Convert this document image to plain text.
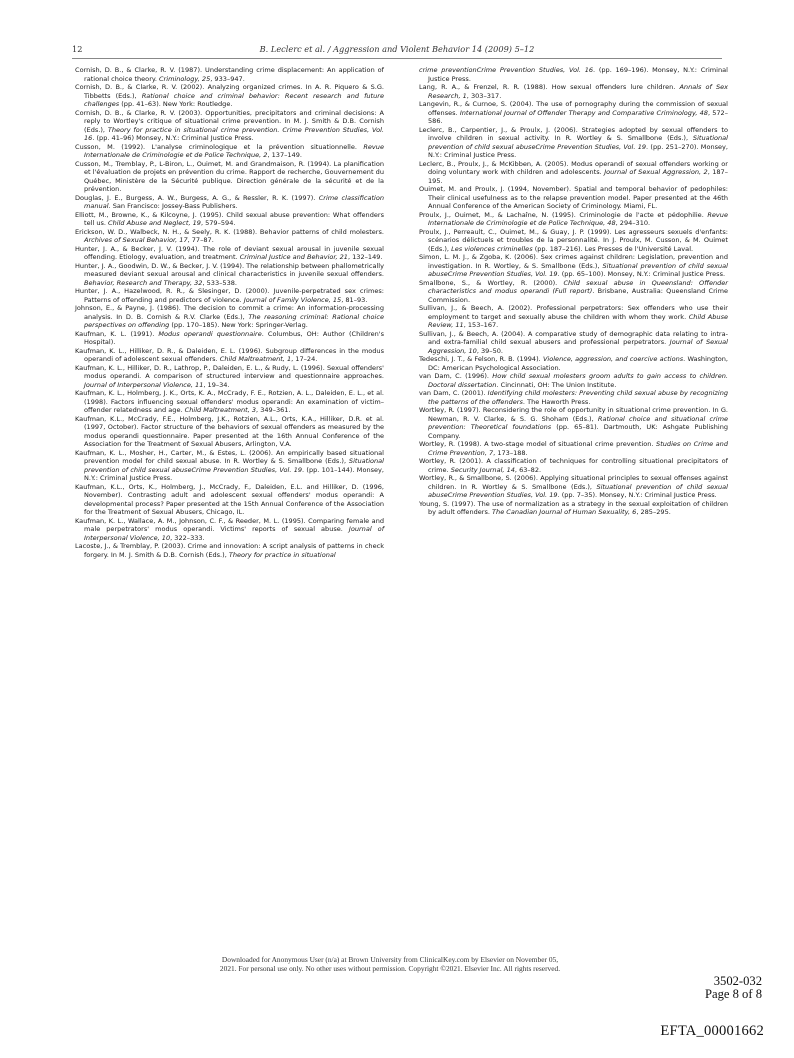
12	B. Leclerc et al. / Aggression and Violent Behavior 14 (2009) 5–12

Cornish, D. B., & Clarke, R. V. (1987). Understanding crime displacement: An application of rational choice theory. Criminology, 25, 933–947.

Cornish, D. B., & Clarke, R. V. (2002). Analyzing organized crimes. In A. R. Piquero & S.G. Tibbetts (Eds.), Rational choice and criminal behavior: Recent research and future challenges (pp. 41–63). New York: Routledge.

Cornish, D. B., & Clarke, R. V. (2003). Opportunities, precipitators and criminal decisions: A reply to Wortley's critique of situational crime prevention. In M. J. Smith & D.B. Cornish (Eds.), Theory for practice in situational crime prevention. Crime Prevention Studies, Vol. 16. (pp. 41–96) Monsey, N.Y.: Criminal Justice Press.

Cusson, M. (1992). L'analyse criminologique et la prévention situationnelle. Revue Internationale de Criminologie et de Police Technique, 2, 137–149.

Cusson, M., Tremblay, P., L-Biron, L., Ouimet, M. and Grandmaison, R. (1994). La planification et l'évaluation de projets en prévention du crime. Rapport de recherche, Gouvernement du Québec, Ministère de la Sécurité publique. Direction générale de la sécurité et de la prévention.

Douglas, J. E., Burgess, A. W., Burgess, A. G., & Ressler, R. K. (1997). Crime classification manual. San Francisco: Jossey-Bass Publishers.

Elliott, M., Browne, K., & Kilcoyne, J. (1995). Child sexual abuse prevention: What offenders tell us. Child Abuse and Neglect, 19, 579–594.

Erickson, W. D., Walbeck, N. H., & Seely, R. K. (1988). Behavior patterns of child molesters. Archives of Sexual Behavior, 17, 77–87.

Hunter, J. A., & Becker, J. V. (1994). The role of deviant sexual arousal in juvenile sexual offending. Etiology, evaluation, and treatment. Criminal Justice and Behavior, 21, 132–149.

Hunter, J. A., Goodwin, D. W., & Becker, J. V. (1994). The relationship between phallometrically measured deviant sexual arousal and clinical characteristics in juvenile sexual offenders. Behavior, Research and Therapy, 32, 533–538.

Hunter, J. A., Hazelwood, R. R., & Slesinger, D. (2000). Juvenile-perpetrated sex crimes: Patterns of offending and predictors of violence. Journal of Family Violence, 15, 81–93.

Johnson, E., & Payne, J. (1986). The decision to commit a crime: An information-processing analysis. In D. B. Cornish & R.V. Clarke (Eds.), The reasoning criminal: Rational choice perspectives on offending (pp. 170–185). New York: Springer-Verlag.

Kaufman, K. L. (1991). Modus operandi questionnaire. Columbus, OH: Author (Children's Hospital).

Kaufman, K. L., Hilliker, D. R., & Daleiden, E. L. (1996). Subgroup differences in the modus operandi of adolescent sexual offenders. Child Maltreatment, 1, 17–24.

Kaufman, K. L., Hilliker, D. R., Lathrop, P., Daleiden, E. L., & Rudy, L. (1996). Sexual offenders' modus operandi. A comparison of structured interview and questionnaire approaches. Journal of Interpersonal Violence, 11, 19–34.

Kaufman, K. L., Holmberg, J. K., Orts, K. A., McCrady, F. E., Rotzien, A. L., Daleiden, E. L., et al. (1998). Factors influencing sexual offenders' modus operandi: An examination of victim–offender relatedness and age. Child Maltreatment, 3, 349–361.

Kaufman, K.L., McCrady, F.E., Holmberg, J.K., Rotzien, A.L., Orts, K.A., Hilliker, D.R. et al. (1997, October). Factor structure of the behaviors of sexual offenders as measured by the modus operandi questionnaire. Paper presented at the 16th Annual Conference of the Association for the Treatment of Sexual Abusers, Arlington, V.A.

Kaufman, K. L., Mosher, H., Carter, M., & Estes, L. (2006). An empirically based situational prevention model for child sexual abuse. In R. Wortley & S. Smallbone (Eds.), Situational prevention of child sexual abuseCrime Prevention Studies, Vol. 19. (pp. 101–144). Monsey, N.Y.: Criminal Justice Press.

Kaufman, K.L., Orts, K., Holmberg, J., McCrady, F., Daleiden, E.L. and Hilliker, D. (1996, November). Contrasting adult and adolescent sexual offenders' modus operandi: A developmental process? Paper presented at the 15th Annual Conference of the Association for the Treatment of Sexual Abusers, Chicago, IL.

Kaufman, K. L., Wallace, A. M., Johnson, C. F., & Reeder, M. L. (1995). Comparing female and male perpetrators' modus operandi. Victims' reports of sexual abuse. Journal of Interpersonal Violence, 10, 322–333.

Lacoste, J., & Tremblay, P. (2003). Crime and innovation: A script analysis of patterns in check forgery. In M. J. Smith & D.B. Cornish (Eds.), Theory for practice in situational

crime preventionCrime Prevention Studies, Vol. 16. (pp. 169–196). Monsey, N.Y.: Criminal Justice Press.

Lang, R. A., & Frenzel, R. R. (1988). How sexual offenders lure children. Annals of Sex Research, 1, 303–317.

Langevin, R., & Curnoe, S. (2004). The use of pornography during the commission of sexual offenses. International Journal of Offender Therapy and Comparative Criminology, 48, 572–586.

Leclerc, B., Carpentier, J., & Proulx, J. (2006). Strategies adopted by sexual offenders to involve children in sexual activity. In R. Wortley & S. Smallbone (Eds.), Situational prevention of child sexual abuseCrime Prevention Studies, Vol. 19. (pp. 251–270). Monsey, N.Y.: Criminal Justice Press.

Leclerc, B., Proulx, J., & McKibben, A. (2005). Modus operandi of sexual offenders working or doing voluntary work with children and adolescents. Journal of Sexual Aggression, 2, 187–195.

Ouimet, M. and Proulx, J. (1994, November). Spatial and temporal behavior of pedophiles: Their clinical usefulness as to the relapse prevention model. Paper presented at the 46th Annual Conference of the American Society of Criminology. Miami, FL.

Proulx, J., Ouimet, M., & Lachaîne, N. (1995). Criminologie de l'acte et pédophilie. Revue Internationale de Criminologie et de Police Technique, 48, 294–310.

Proulx, J., Perreault, C., Ouimet, M., & Guay, J. P. (1999). Les agresseurs sexuels d'enfants: scénarios délictuels et troubles de la personnalité. In J. Proulx, M. Cusson, & M. Ouimet (Eds.), Les violences criminelles (pp. 187–216). Les Presses de l'Université Laval.

Simon, L. M. J., & Zgoba, K. (2006). Sex crimes against children: Legislation, prevention and investigation. In R. Wortley, & S. Smallbone (Eds.), Situational prevention of child sexual abuseCrime Prevention Studies, Vol. 19. (pp. 65–100). Monsey, N.Y.: Criminal Justice Press.

Smallbone, S., & Wortley, R. (2000). Child sexual abuse in Queensland: Offender characteristics and modus operandi (Full report). Brisbane, Australia: Queensland Crime Commission.

Sullivan, J., & Beech, A. (2002). Professional perpetrators: Sex offenders who use their employment to target and sexually abuse the children with whom they work. Child Abuse Review, 11, 153–167.

Sullivan, J., & Beech, A. (2004). A comparative study of demographic data relating to intra- and extra-familial child sexual abusers and professional perpetrators. Journal of Sexual Aggression, 10, 39–50.

Tedeschi, J. T., & Felson, R. B. (1994). Violence, aggression, and coercive actions. Washington, DC: American Psychological Association.

van Dam, C. (1996). How child sexual molesters groom adults to gain access to children. Doctoral dissertation. Cincinnati, OH: The Union Institute.

van Dam, C. (2001). Identifying child molesters: Preventing child sexual abuse by recognizing the patterns of the offenders. The Haworth Press.

Wortley, R. (1997). Reconsidering the role of opportunity in situational crime prevention. In G. Newman, R. V. Clarke, & S. G. Shoham (Eds.), Rational choice and situational crime prevention: Theoretical foundations (pp. 65–81). Dartmouth, UK: Ashgate Publishing Company.

Wortley, R. (1998). A two-stage model of situational crime prevention. Studies on Crime and Crime Prevention, 7, 173–188.

Wortley, R. (2001). A classification of techniques for controlling situational precipitators of crime. Security Journal, 14, 63–82.

Wortley, R., & Smallbone, S. (2006). Applying situational principles to sexual offenses against children. In R. Wortley & S. Smallbone (Eds.), Situational prevention of child sexual abuseCrime Prevention Studies, Vol. 19. (pp. 7–35). Monsey, N.Y.: Criminal Justice Press.

Young, S. (1997). The use of normalization as a strategy in the sexual exploitation of children by adult offenders. The Canadian Journal of Human Sexuality, 6, 285–295.

Downloaded for Anonymous User (n/a) at Brown University from ClinicalKey.com by Elsevier on November 05,
2021. For personal use only. No other uses without permission. Copyright ©2021. Elsevier Inc. All rights reserved.
3502-032
Page 8 of 8
EFTA_00001662
